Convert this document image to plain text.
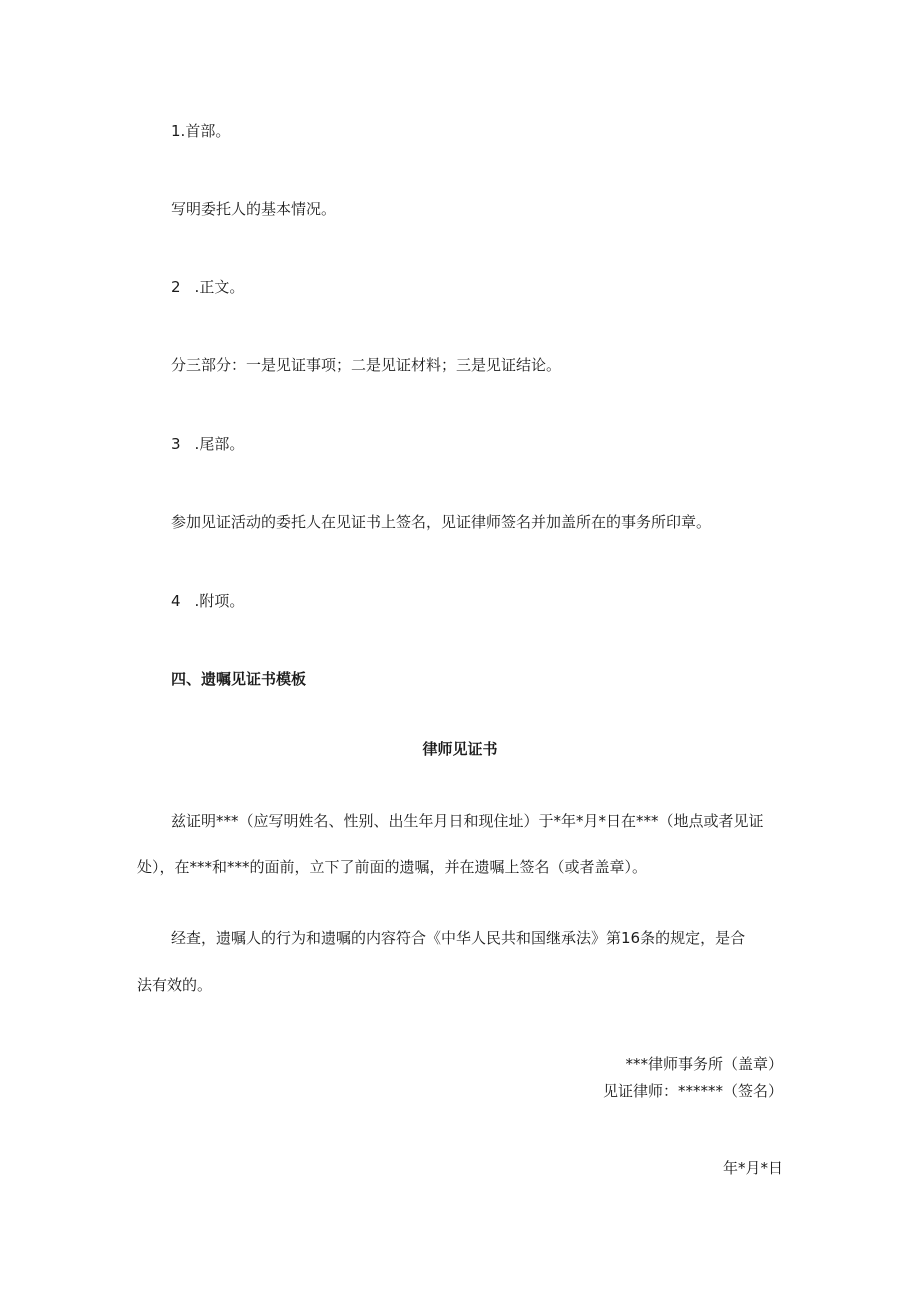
1.首部。

写明委托人的基本情况。

2 .正文。

分三部分：一是见证事项；二是见证材料；三是见证结论。

3 .尾部。

参加见证活动的委托人在见证书上签名，见证律师签名并加盖所在的事务所印章。

4 .附项。

四、遗嘱见证书模板

律师见证书

兹证明***（应写明姓名、性别、出生年月日和现住址）于*年*月*日在***（地点或者见证

处），在***和***的面前，立下了前面的遗嘱，并在遗嘱上签名（或者盖章）。

经查，遗嘱人的行为和遗嘱的内容符合《中华人民共和国继承法》第16条的规定，是合

法有效的。

***律师事务所（盖章）

见证律师：******（签名）

年*月*日
